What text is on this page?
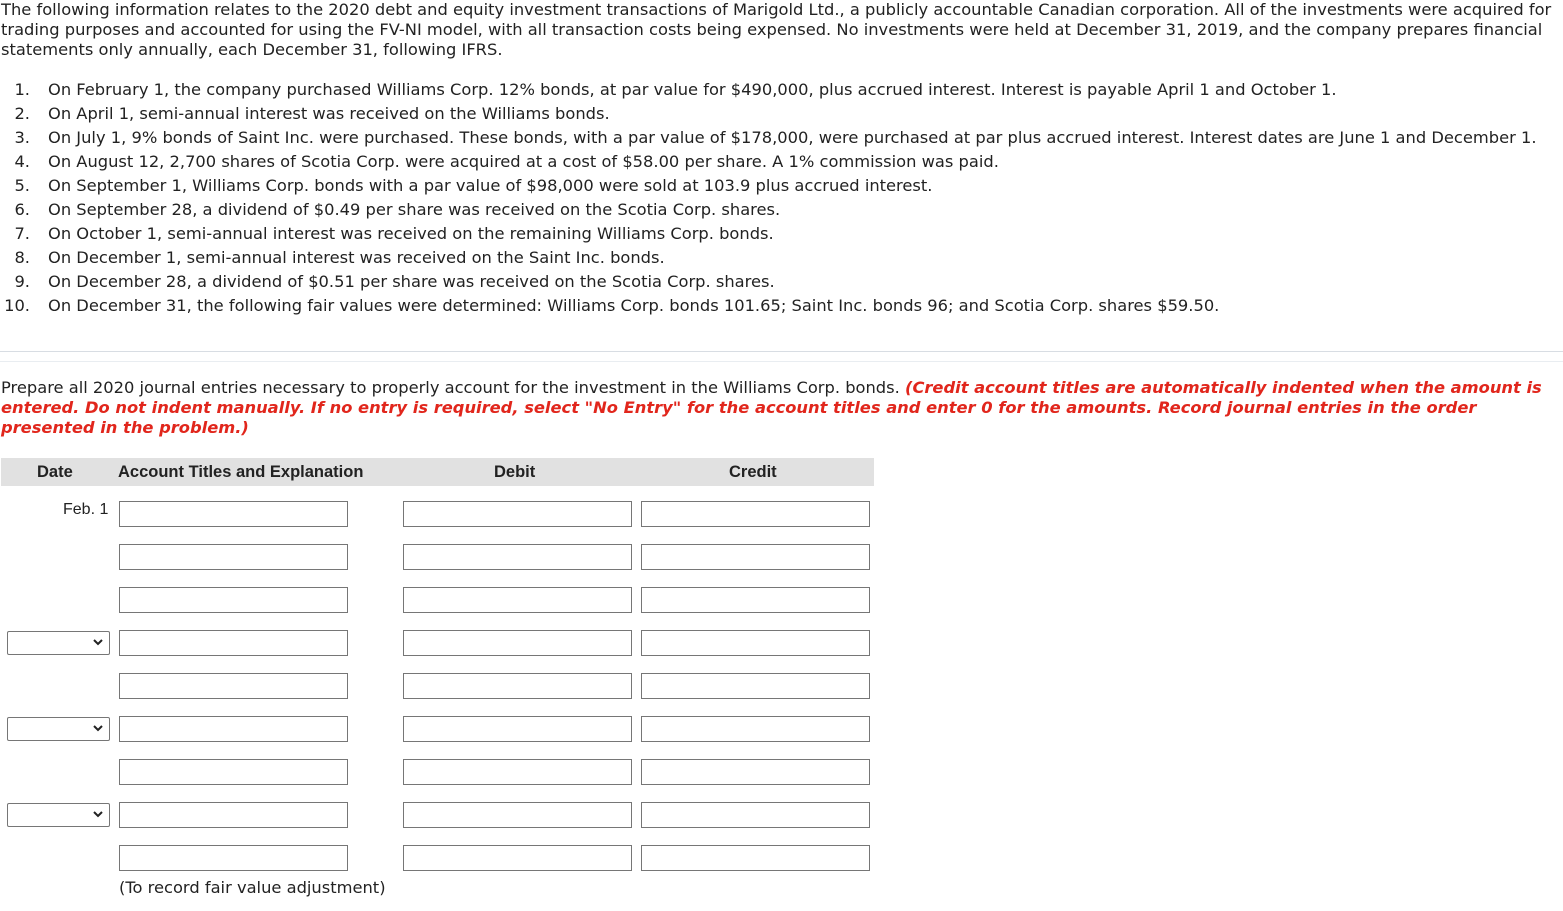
The following information relates to the 2020 debt and equity investment transactions of Marigold Ltd., a publicly accountable Canadian corporation. All of the investments were acquired for trading purposes and accounted for using the FV-NI model, with all transaction costs being expensed. No investments were held at December 31, 2019, and the company prepares financial statements only annually, each December 31, following IFRS.

1.	On February 1, the company purchased Williams Corp. 12% bonds, at par value for $490,000, plus accrued interest. Interest is payable April 1 and October 1.
2.	On April 1, semi-annual interest was received on the Williams bonds.
3.	On July 1, 9% bonds of Saint Inc. were purchased. These bonds, with a par value of $178,000, were purchased at par plus accrued interest. Interest dates are June 1 and December 1.
4.	On August 12, 2,700 shares of Scotia Corp. were acquired at a cost of $58.00 per share. A 1% commission was paid.
5.	On September 1, Williams Corp. bonds with a par value of $98,000 were sold at 103.9 plus accrued interest.
6.	On September 28, a dividend of $0.49 per share was received on the Scotia Corp. shares.
7.	On October 1, semi-annual interest was received on the remaining Williams Corp. bonds.
8.	On December 1, semi-annual interest was received on the Saint Inc. bonds.
9.	On December 28, a dividend of $0.51 per share was received on the Scotia Corp. shares.
10.	On December 31, the following fair values were determined: Williams Corp. bonds 101.65; Saint Inc. bonds 96; and Scotia Corp. shares $59.50.

Prepare all 2020 journal entries necessary to properly account for the investment in the Williams Corp. bonds. (Credit account titles are automatically indented when the amount is entered. Do not indent manually. If no entry is required, select "No Entry" for the account titles and enter 0 for the amounts. Record journal entries in the order presented in the problem.)

Date	Account Titles and Explanation	Debit	Credit
Feb. 1
(To record fair value adjustment)
